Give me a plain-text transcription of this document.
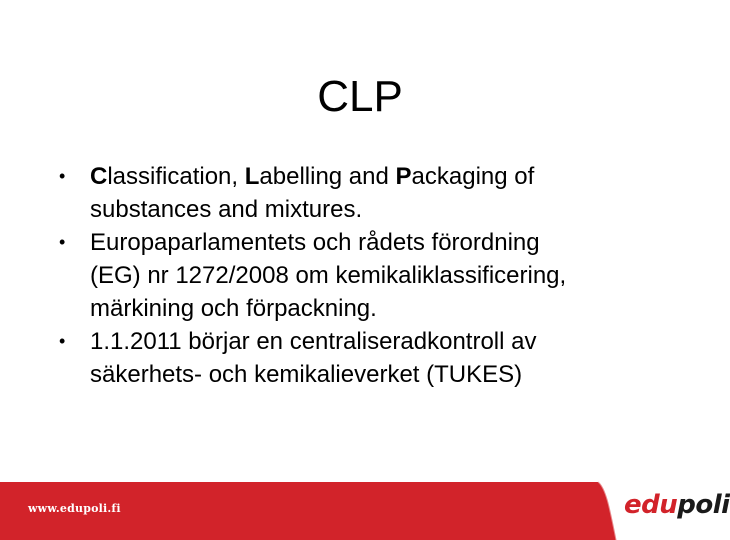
CLP
• Classification, Labelling and Packaging of
substances and mixtures.
• Europaparlamentets och rådets förordning
(EG) nr 1272/2008 om kemikaliklassificering,
märkining och förpackning.
• 1.1.2011 börjar en centraliseradkontroll av
säkerhets- och kemikalieverket (TUKES)
www.edupoli.fi	edupoli
